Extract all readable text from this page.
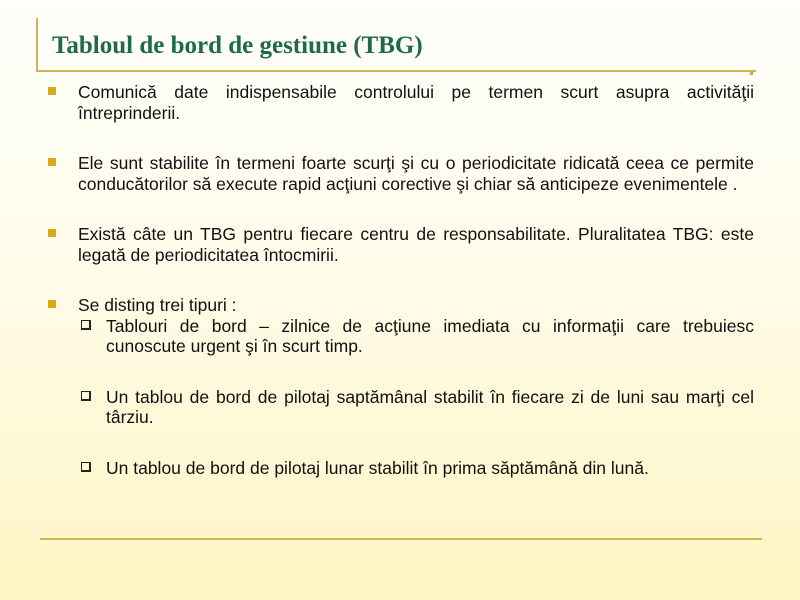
Tabloul de bord de gestiune (TBG)
Comunică date indispensabile controlului pe termen scurt asupra activităţii întreprinderii.
Ele sunt stabilite în termeni foarte scurţi şi cu o periodicitate ridicată ceea ce permite conducătorilor să execute rapid acţiuni corective şi chiar să anticipeze evenimentele .
Există câte un TBG pentru fiecare centru de responsabilitate. Pluralitatea TBG: este legată de periodicitatea întocmirii.
Se disting trei tipuri :
Tablouri de bord – zilnice de acţiune imediata cu informaţii care trebuiesc cunoscute urgent şi în scurt timp.
Un tablou de bord de pilotaj saptămânal stabilit în fiecare zi de luni sau marţi cel târziu.
Un tablou de bord de pilotaj lunar stabilit în prima săptămână din lună.
